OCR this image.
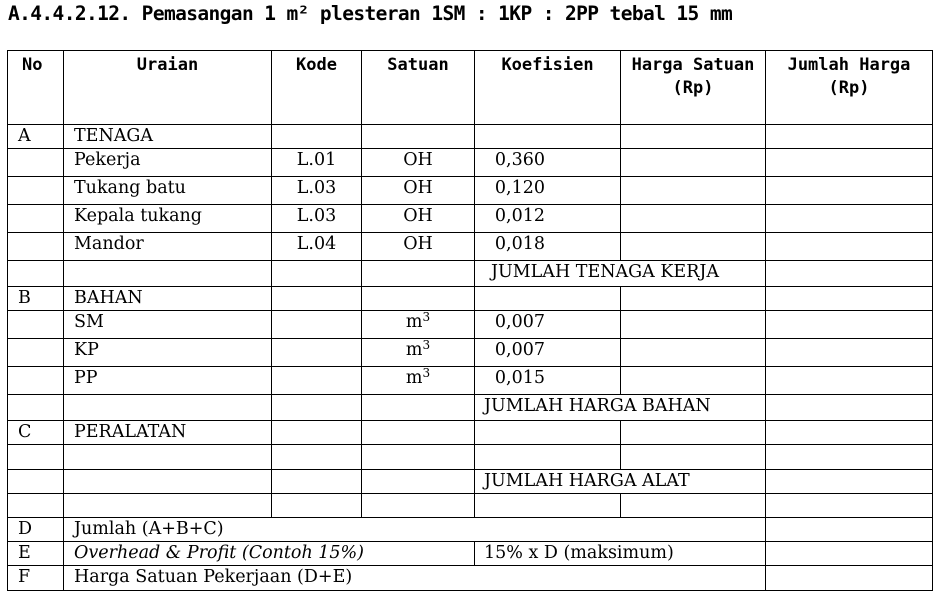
A.4.4.2.12. Pemasangan 1 m² plesteran 1SM : 1KP : 2PP tebal 15 mm
No	Uraian	Kode	Satuan	Koefisien	Harga Satuan (Rp)	Jumlah Harga (Rp)
A	TENAGA					
	Pekerja	L.01	OH	0,360		
	Tukang batu	L.03	OH	0,120		
	Kepala tukang	L.03	OH	0,012		
	Mandor	L.04	OH	0,018		
				JUMLAH TENAGA KERJA		
B	BAHAN					
	SM		$m^3$	0,007		
	KP		$m^3$	0,007		
	PP		$m^3$	0,015		
				JUMLAH HARGA BAHAN		
C	PERALATAN					

				JUMLAH HARGA ALAT		

D	Jumlah (A+B+C)					
E	Overhead & Profit (Contoh 15%)			15% x D (maksimum)		
F	Harga Satuan Pekerjaan (D+E)					
